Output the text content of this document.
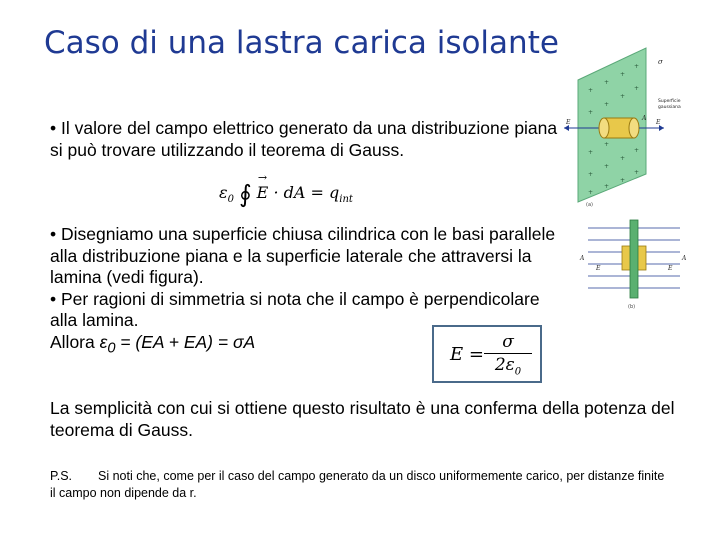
Caso di una lastra carica isolante
• Il valore del campo elettrico generato da una distribuzione piana si può trovare utilizzando il teorema di Gauss.
$\varepsilon_0$ ∮ → E · dA = $q_{int}$
• Disegniamo una superficie chiusa cilindrica con le basi parallele alla distribuzione piana e la superficie laterale che attraversi la lamina (vedi figura).
• Per ragioni di simmetria si nota che il campo è perpendicolare alla lamina.
Allora $\varepsilon_0 = (EA + EA) = \sigma A$
$E = \frac{\sigma}{2\varepsilon_0}$
La semplicità con cui si ottiene questo risultato è una conferma della potenza del teorema di Gauss.
P.S. Si noti che, come per il caso del campo generato da un disco uniformemente carico, per distanze finite il campo non dipende da r.
+
+
+
+
+
+
+
+
+
+
+
+
+
+
+
+
+
+
σ
Superficie
gaussiana
E	E
A
(a)
A	A
E	E
(b)
